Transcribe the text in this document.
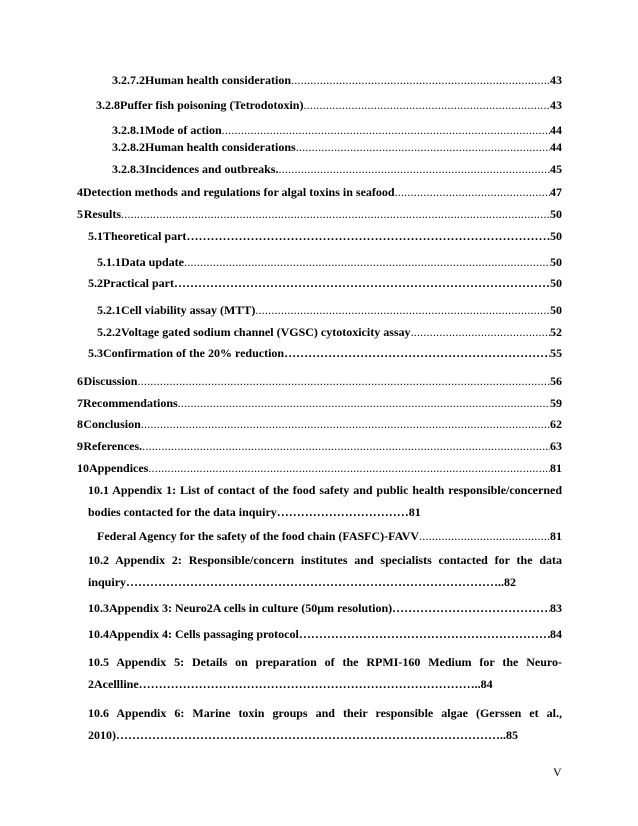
3.2.7.2 Human health consideration .....	43
3.2.8 Puffer fish poisoning (Tetrodotoxin) .....	43
3.2.8.1 Mode of action .....	44
3.2.8.2 Human health considerations .....	44
3.2.8.3 Incidences and outbreaks. .....	45
4 Detection methods and regulations for algal toxins in seafood .....	47
5 Results .....	50
5.1 Theoretical part ………………………………………………………………………………………………………………………………………………………………………………………………………………	50
5.1.1 Data update .....	50
5.2 Practical part ………………………………………………………………………………………………………………………………………………………………………………………………………………	50
5.2.1 Cell viability assay (MTT) .....	50
5.2.2 Voltage gated sodium channel (VGSC) cytotoxicity assay .....	52
5.3 Confirmation of the 20% reduction ………………………………………………………………………………………………………………………………………………………………………………………………………………	55
6 Discussion .....	56
7 Recommendations .....	59
8 Conclusion .....	62
9 References. .....	63
10 Appendices .....	81
10.1 Appendix 1: List of contact of the food safety and public health responsible/concerned bodies contacted for the data inquiry……………………………81
Federal Agency for the safety of the food chain (FASFC)-FAVV .....	81
10.2 Appendix 2: Responsible/concern institutes and specialists contacted for the data inquiry…………………………………………………………………………………..82
10.3 Appendix 3: Neuro2A cells in culture (50μm resolution) ………………………………………………………………………………………………………………………………………………………………………………………………………………	83
10.4 Appendix 4: Cells passaging protocol ………………………………………………………………………………………………………………………………………………………………………………………………………………	84
10.5 Appendix 5: Details on preparation of the RPMI-160 Medium for the Neuro-2Acellline…………………………………………………………………………..84
10.6 Appendix 6: Marine toxin groups and their responsible algae (Gerssen et al., 2010)……………………………………………………………………………………..85
V
